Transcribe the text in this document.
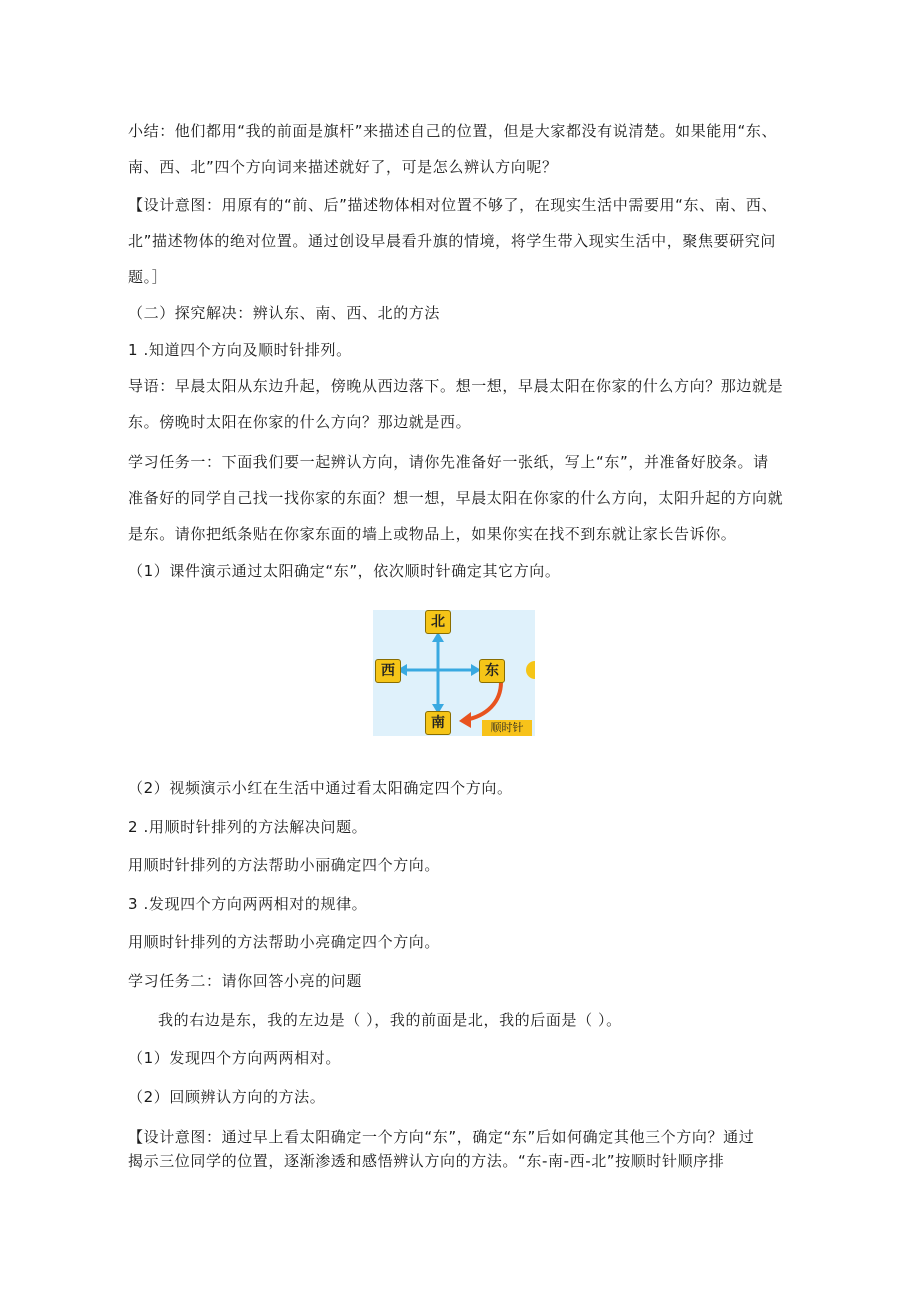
小结：他们都用“我的前面是旗杆”来描述自己的位置，但是大家都没有说清楚。如果能用“东、
南、西、北”四个方向词来描述就好了，可是怎么辨认方向呢？
【设计意图：用原有的“前、后”描述物体相对位置不够了，在现实生活中需要用“东、南、西、
北”描述物体的绝对位置。通过创设早晨看升旗的情境，将学生带入现实生活中，聚焦要研究问
题。］
（二）探究解决：辨认东、南、西、北的方法
1 .知道四个方向及顺时针排列。
导语：早晨太阳从东边升起，傍晚从西边落下。想一想，早晨太阳在你家的什么方向？那边就是
东。傍晚时太阳在你家的什么方向？那边就是西。
学习任务一：下面我们要一起辨认方向，请你先准备好一张纸，写上“东”，并准备好胶条。请
准备好的同学自己找一找你家的东面？想一想，早晨太阳在你家的什么方向，太阳升起的方向就
是东。请你把纸条贴在你家东面的墙上或物品上，如果你实在找不到东就让家长告诉你。
（1）课件演示通过太阳确定“东”，依次顺时针确定其它方向。
北
西	东
南	顺时针
（2）视频演示小红在生活中通过看太阳确定四个方向。
2 .用顺时针排列的方法解决问题。
用顺时针排列的方法帮助小丽确定四个方向。
3 .发现四个方向两两相对的规律。
用顺时针排列的方法帮助小亮确定四个方向。
学习任务二：请你回答小亮的问题
我的右边是东，我的左边是（ ），我的前面是北，我的后面是（ ）。
（1）发现四个方向两两相对。
（2）回顾辨认方向的方法。
【设计意图：通过早上看太阳确定一个方向“东”，确定“东”后如何确定其他三个方向？通过
揭示三位同学的位置，逐渐渗透和感悟辨认方向的方法。“东-南-西-北”按顺时针顺序排
